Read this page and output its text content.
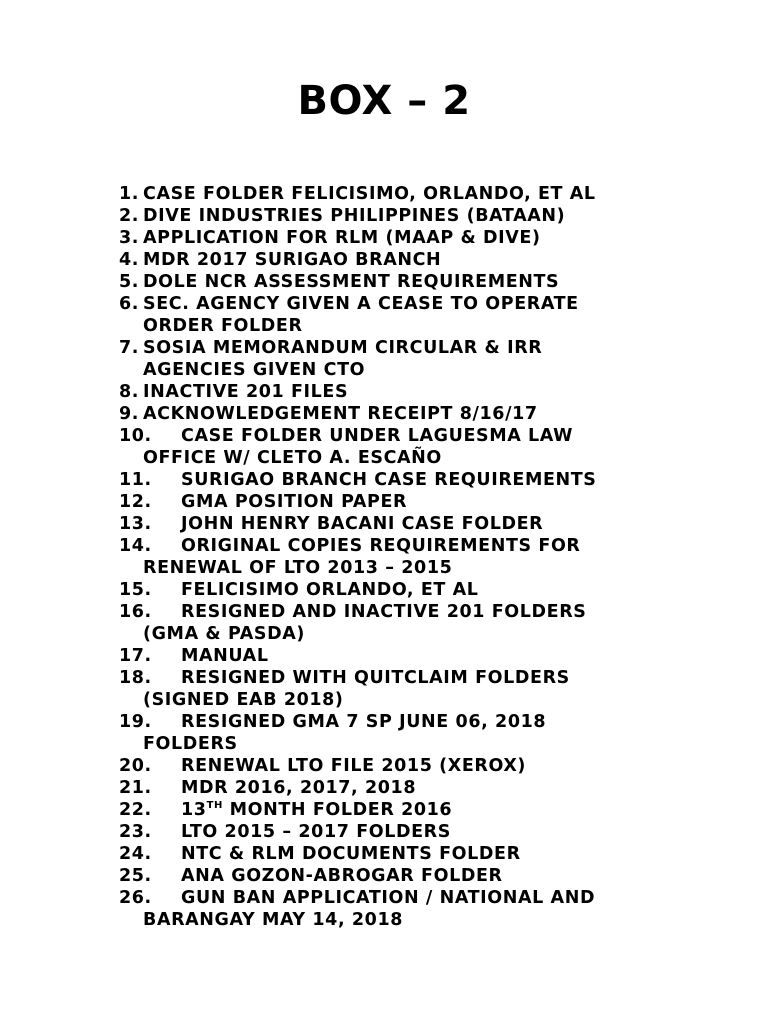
BOX – 2
1. CASE FOLDER FELICISIMO, ORLANDO, ET AL
2. DIVE INDUSTRIES PHILIPPINES (BATAAN)
3. APPLICATION FOR RLM (MAAP & DIVE)
4. MDR 2017 SURIGAO BRANCH
5. DOLE NCR ASSESSMENT REQUIREMENTS
6. SEC. AGENCY GIVEN A CEASE TO OPERATE
ORDER FOLDER
7. SOSIA MEMORANDUM CIRCULAR & IRR
AGENCIES GIVEN CTO
8. INACTIVE 201 FILES
9. ACKNOWLEDGEMENT RECEIPT 8/16/17
10.	CASE FOLDER UNDER LAGUESMA LAW
OFFICE W/ CLETO A. ESCAÑO
11.	SURIGAO BRANCH CASE REQUIREMENTS
12.	GMA POSITION PAPER
13.	JOHN HENRY BACANI CASE FOLDER
14.	ORIGINAL COPIES REQUIREMENTS FOR
RENEWAL OF LTO 2013 – 2015
15.	FELICISIMO ORLANDO, ET AL
16.	RESIGNED AND INACTIVE 201 FOLDERS
(GMA & PASDA)
17.	MANUAL
18.	RESIGNED WITH QUITCLAIM FOLDERS
(SIGNED EAB 2018)
19.	RESIGNED GMA 7 SP JUNE 06, 2018
FOLDERS
20.	RENEWAL LTO FILE 2015 (XEROX)
21.	MDR 2016, 2017, 2018
22.	13TH MONTH FOLDER 2016
23.	LTO 2015 – 2017 FOLDERS
24.	NTC & RLM DOCUMENTS FOLDER
25.	ANA GOZON-ABROGAR FOLDER
26.	GUN BAN APPLICATION / NATIONAL AND
BARANGAY MAY 14, 2018
